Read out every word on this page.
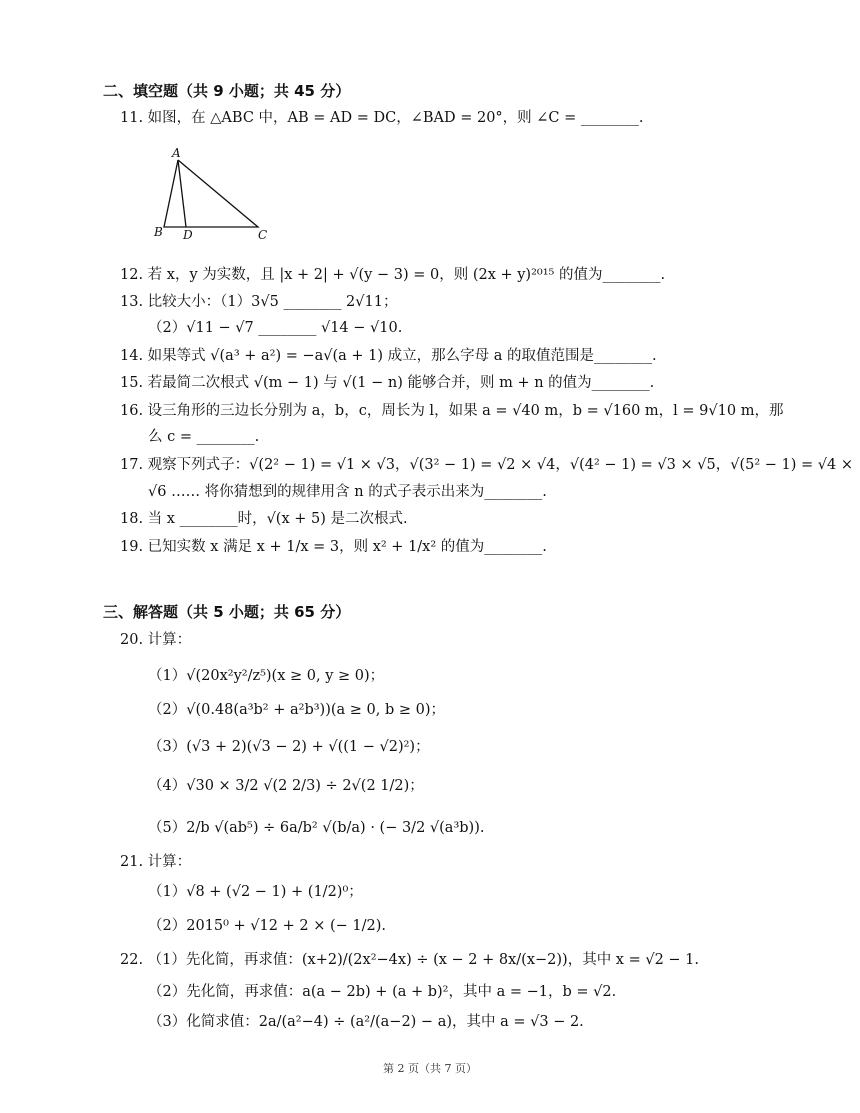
二、填空题（共 9 小题；共 45 分）
11. 如图，在 △ABC 中，AB = AD = DC，∠BAD = 20°，则 ∠C = ________.
A
B D	C
12. 若 x，y 为实数，且 |x + 2| + √(y − 3) = 0，则 (2x + y)²⁰¹⁵ 的值为________.
13. 比较大小：（1）3√5 ________ 2√11；
（2）√11 − √7 ________ √14 − √10.
14. 如果等式 √(a³ + a²) = −a√(a + 1) 成立，那么字母 a 的取值范围是________.
15. 若最简二次根式 √(m − 1) 与 √(1 − n) 能够合并，则 m + n 的值为________.
16. 设三角形的三边长分别为 a，b，c，周长为 l，如果 a = √40 m，b = √160 m，l = 9√10 m，那
么 c = ________.
17. 观察下列式子：√(2² − 1) = √1 × √3，√(3² − 1) = √2 × √4，√(4² − 1) = √3 × √5，√(5² − 1) = √4 ×
√6 …… 将你猜想到的规律用含 n 的式子表示出来为________.
18. 当 x ________时，√(x + 5) 是二次根式.
19. 已知实数 x 满足 x + 1/x = 3，则 x² + 1/x² 的值为________.
三、解答题（共 5 小题；共 65 分）
20. 计算：
（1）√(20x²y²/z⁵)(x ≥ 0, y ≥ 0)；
（2）√(0.48(a³b² + a²b³))(a ≥ 0, b ≥ 0)；
（3）(√3 + 2)(√3 − 2) + √((1 − √2)²)；
（4）√30 × 3/2 √(2 2/3) ÷ 2√(2 1/2)；
（5）2/b √(ab⁵) ÷ 6a/b² √(b/a) · (− 3/2 √(a³b)).
21. 计算：
（1）√8 + (√2 − 1) + (1/2)⁰；
（2）2015⁰ + √12 + 2 × (− 1/2).
22. （1）先化简，再求值：(x+2)/(2x²−4x) ÷ (x − 2 + 8x/(x−2))，其中 x = √2 − 1.
（2）先化简，再求值：a(a − 2b) + (a + b)²，其中 a = −1，b = √2.
（3）化简求值：2a/(a²−4) ÷ (a²/(a−2) − a)，其中 a = √3 − 2.
第 2 页（共 7 页）
